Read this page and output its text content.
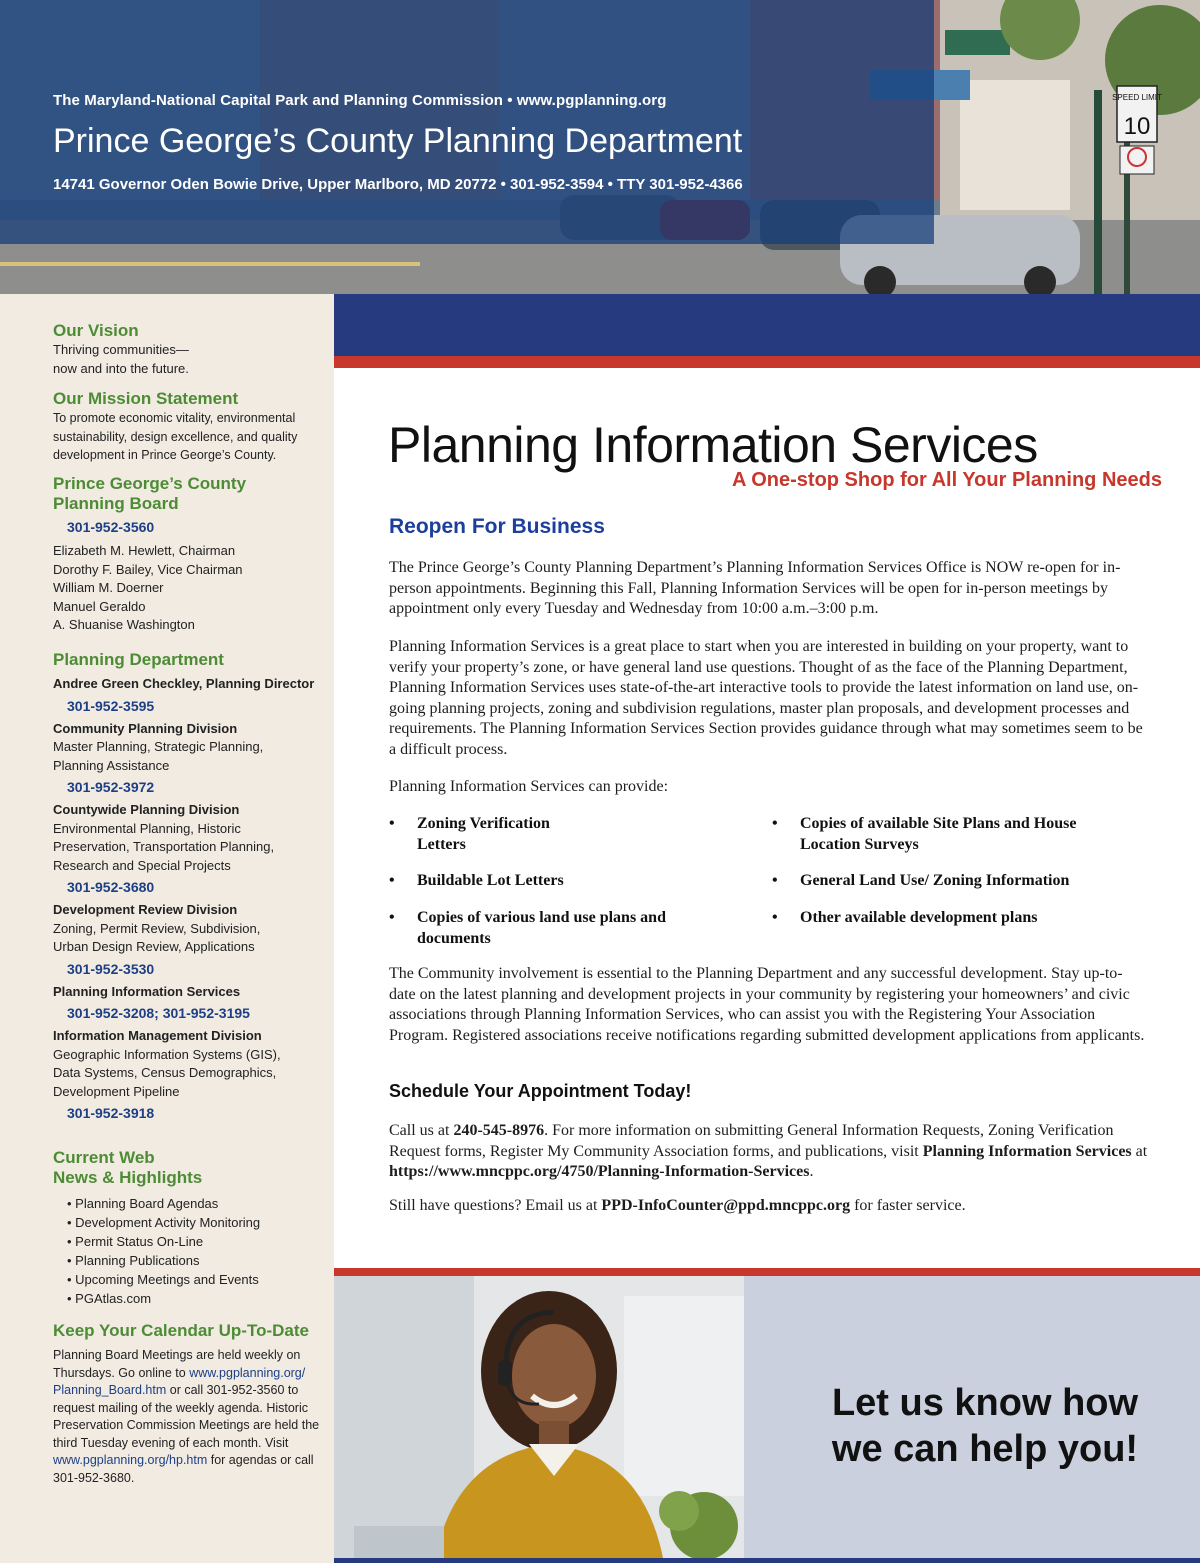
SPEED LIMIT
10
The Maryland-National Capital Park and Planning Commission • www.pgplanning.org
Prince George’s County Planning Department
14741 Governor Oden Bowie Drive, Upper Marlboro, MD 20772 • 301-952-3594 • TTY 301-952-4366
Our Vision
Thriving communities—
now and into the future.
Our Mission Statement
To promote economic vitality, environmental sustainability, design excellence, and quality development in Prince George’s County.
Prince George’s County
Planning Board
301-952-3560
Elizabeth M. Hewlett, Chairman
Dorothy F. Bailey, Vice Chairman
William M. Doerner
Manuel Geraldo
A. Shuanise Washington
Planning Department
Andree Green Checkley, Planning Director
301-952-3595
Community Planning Division
Master Planning, Strategic Planning, Planning Assistance
301-952-3972
Countywide Planning Division
Environmental Planning, Historic Preservation, Transportation Planning, Research and Special Projects
301-952-3680
Development Review Division
Zoning, Permit Review, Subdivision, Urban Design Review, Applications
301-952-3530
Planning Information Services
301-952-3208; 301-952-3195
Information Management Division
Geographic Information Systems (GIS), Data Systems, Census Demographics, Development Pipeline
301-952-3918
Current Web
News & Highlights
• Planning Board Agendas
• Development Activity Monitoring
• Permit Status On-Line
• Planning Publications
• Upcoming Meetings and Events
• PGAtlas.com
Keep Your Calendar Up-To-Date
Planning Board Meetings are held weekly on Thursdays. Go online to www.pgplanning.org/ Planning_Board.htm or call 301-952-3560 to request mailing of the weekly agenda. Historic Preservation Commission Meetings are held the third Tuesday evening of each month. Visit www.pgplanning.org/hp.htm for agendas or call 301-952-3680.
Planning Information Services
A One-stop Shop for All Your Planning Needs
Reopen For Business
The Prince George’s County Planning Department’s Planning Information Services Office is NOW re-open for in-person appointments. Beginning this Fall, Planning Information Services will be open for in-person meetings by appointment only every Tuesday and Wednesday from 10:00 a.m.–3:00 p.m.
Planning Information Services is a great place to start when you are interested in building on your property, want to verify your property’s zone, or have general land use questions. Thought of as the face of the Planning Department, Planning Information Services uses state-of-the-art interactive tools to provide the latest information on land use, on-going planning projects, zoning and subdivision regulations, master plan proposals, and development processes and requirements. The Planning Information Services Section provides guidance through what may sometimes seem to be a difficult process.
Planning Information Services can provide:
• Zoning Verification Letters
• Buildable Lot Letters
• Copies of various land use plans and documents
• Copies of available Site Plans and House Location Surveys
• General Land Use/ Zoning Information
• Other available development plans
The Community involvement is essential to the Planning Department and any successful development. Stay up-to-date on the latest planning and development projects in your community by registering your homeowners’ and civic associations through Planning Information Services, who can assist you with the Registering Your Association Program. Registered associations receive notifications regarding submitted development applications from applicants.
Schedule Your Appointment Today!
Call us at 240-545-8976. For more information on submitting General Information Requests, Zoning Verification Request forms, Register My Community Association forms, and publications, visit Planning Information Services at https://www.mncppc.org/4750/Planning-Information-Services.
Still have questions? Email us at PPD-InfoCounter@ppd.mncppc.org for faster service.
Let us know how
we can help you!
